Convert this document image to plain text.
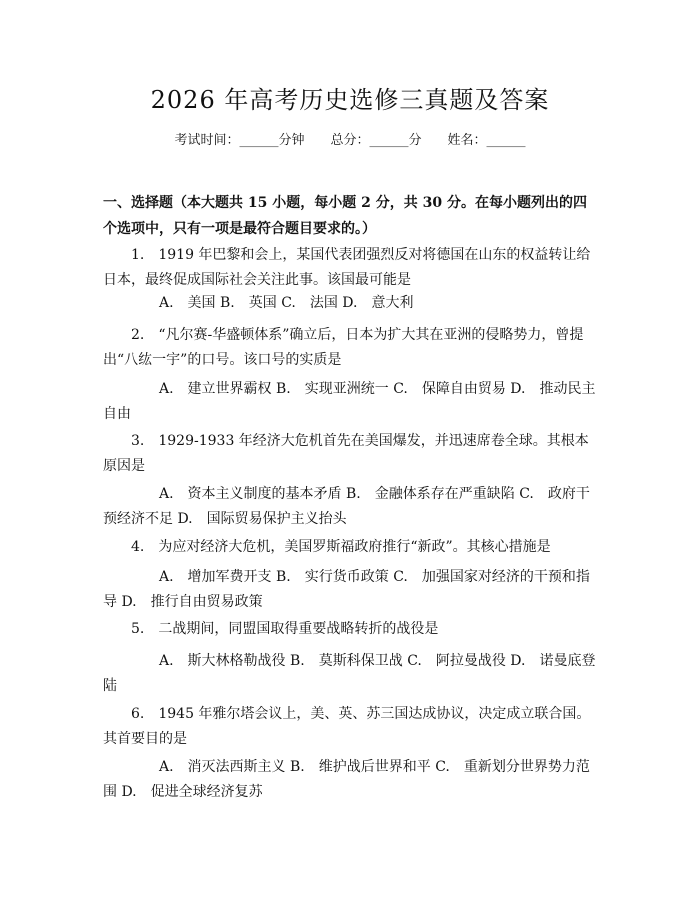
2026 年高考历史选修三真题及答案
考试时间：______分钟 总分：______分 姓名：______
一、选择题（本大题共 15 小题，每小题 2 分，共 30 分。在每小题列出的四个选项中，只有一项是最符合题目要求的。）

1.　1919 年巴黎和会上，某国代表团强烈反对将德国在山东的权益转让给日本，最终促成国际社会关注此事。该国最可能是

A.　美国 B.　英国 C.　法国 D.　意大利

2.　“凡尔赛-华盛顿体系”确立后，日本为扩大其在亚洲的侵略势力，曾提出“八纮一宇”的口号。该口号的实质是

A.　建立世界霸权 B.　实现亚洲统一 C.　保障自由贸易 D.　推动民主自由

3.　1929-1933 年经济大危机首先在美国爆发，并迅速席卷全球。其根本原因是

A.　资本主义制度的基本矛盾 B.　金融体系存在严重缺陷 C.　政府干预经济不足 D.　国际贸易保护主义抬头

4.　为应对经济大危机，美国罗斯福政府推行“新政”。其核心措施是

A.　增加军费开支 B.　实行货币政策 C.　加强国家对经济的干预和指导 D.　推行自由贸易政策

5.　二战期间，同盟国取得重要战略转折的战役是

A.　斯大林格勒战役 B.　莫斯科保卫战 C.　阿拉曼战役 D.　诺曼底登陆

6.　1945 年雅尔塔会议上，美、英、苏三国达成协议，决定成立联合国。其首要目的是

A.　消灭法西斯主义 B.　维护战后世界和平 C.　重新划分世界势力范围 D.　促进全球经济复苏
